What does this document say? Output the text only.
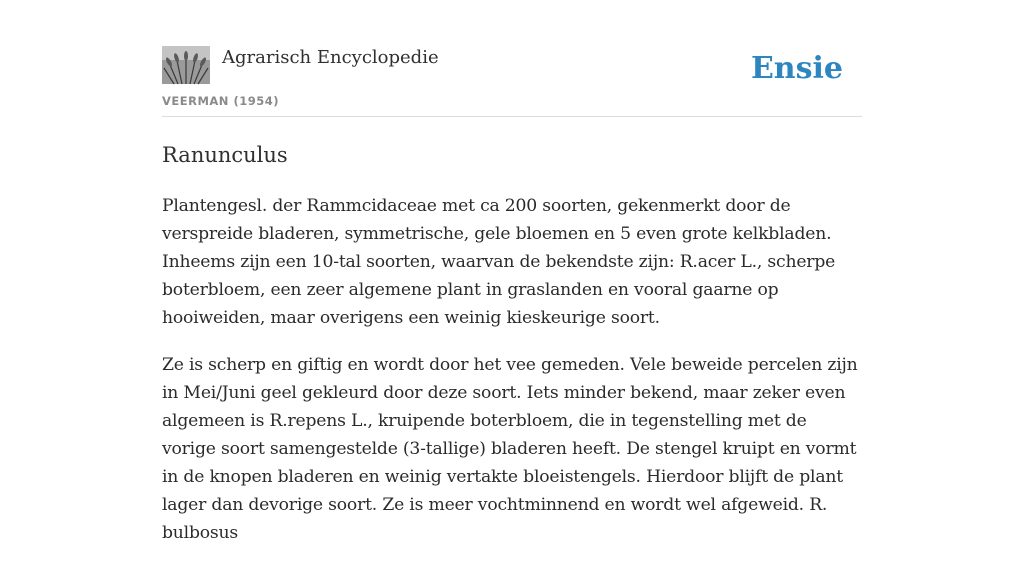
Agrarisch Encyclopedie
VEERMAN (1954)
Ensie
Ranunculus

Plantengesl. der Rammcidaceae met ca 200 soorten, gekenmerkt door de verspreide bladeren, symmetrische, gele bloemen en 5 even grote kelkbladen. Inheems zijn een 10-tal soorten, waarvan de bekendste zijn: R.acer L., scherpe boterbloem, een zeer algemene plant in graslanden en vooral gaarne op hooiweiden, maar overigens een weinig kieskeurige soort.

Ze is scherp en giftig en wordt door het vee gemeden. Vele beweide percelen zijn in Mei/Juni geel gekleurd door deze soort. Iets minder bekend, maar zeker even algemeen is R.repens L., kruipende boterbloem, die in tegenstelling met de vorige soort samengestelde (3-tallige) bladeren heeft. De stengel kruipt en vormt in de knopen bladeren en weinig vertakte bloeistengels. Hierdoor blijft de plant lager dan devorige soort. Ze is meer vochtminnend en wordt wel afgeweid. R. bulbosus
